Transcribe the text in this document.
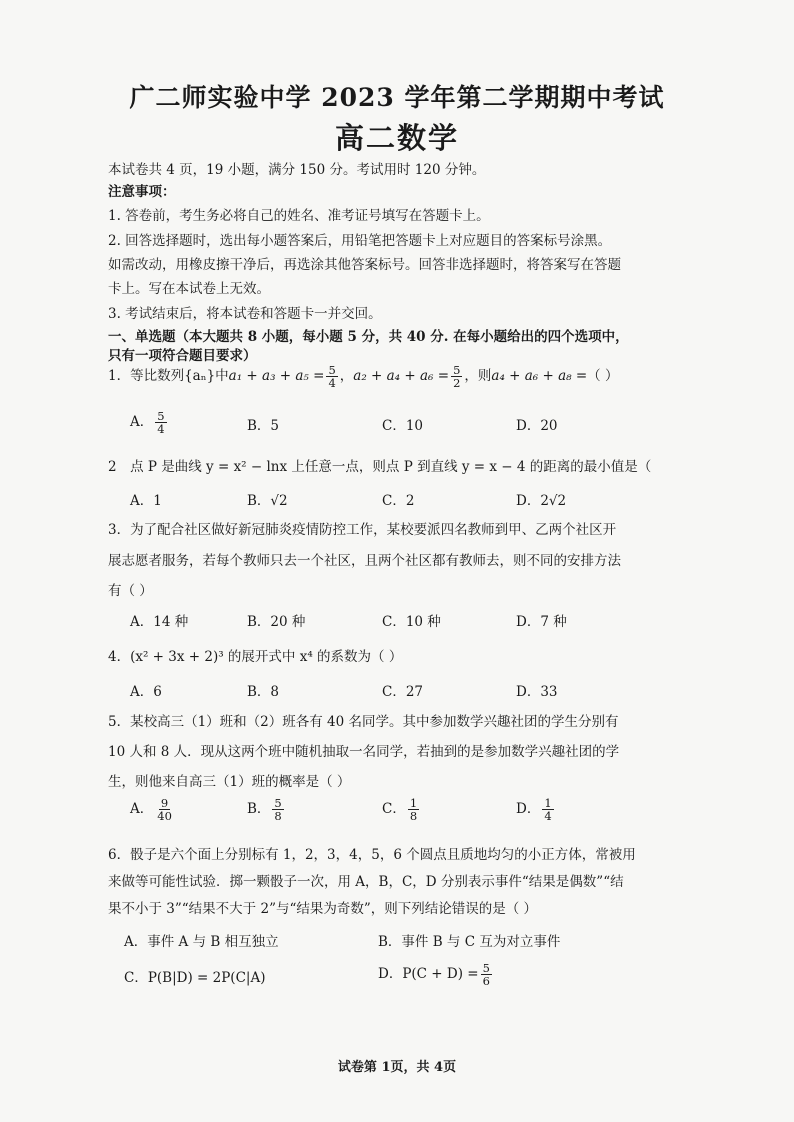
广二师实验中学 2023 学年第二学期期中考试
高二数学
本试卷共 4 页，19 小题，满分 150 分。考试用时 120 分钟。
注意事项：
1. 答卷前，考生务必将自己的姓名、准考证号填写在答题卡上。
2. 回答选择题时，选出每小题答案后，用铅笔把答题卡上对应题目的答案标号涂黑。
如需改动，用橡皮擦干净后，再选涂其他答案标号。回答非选择题时，将答案写在答题
卡上。写在本试卷上无效。
3. 考试结束后，将本试卷和答题卡一并交回。
一、单选题（本大题共 8 小题，每小题 5 分，共 40 分. 在每小题给出的四个选项中，
只有一项符合题目要求）
1．等比数列{aₙ}中$a_1 + a_3 + a_5 = \frac{5}{4}$ ，$a_2 + a_4 + a_6 = \frac{5}{2}$ ，则a₄ + a₆ + a₈ =（ ）
A． $\frac{5}{4}$	B．5	C．10	D．20
2　点 P 是曲线 y = x² − lnx 上任意一点，则点 P 到直线 y = x − 4 的距离的最小值是（
A．1	B．√2	C．2	D．2√2
3．为了配合社区做好新冠肺炎疫情防控工作，某校要派四名教师到甲、乙两个社区开
展志愿者服务，若每个教师只去一个社区，且两个社区都有教师去，则不同的安排方法
有（ ）
A．14 种	B．20 种	C．10 种	D．7 种
4．(x² + 3x + 2)³ 的展开式中 x⁴ 的系数为（ ）
A．6	B．8	C．27	D．33
5．某校高三（1）班和（2）班各有 40 名同学。其中参加数学兴趣社团的学生分别有
10 人和 8 人．现从这两个班中随机抽取一名同学，若抽到的是参加数学兴趣社团的学
生，则他来自高三（1）班的概率是（ ）
A． $\frac{9}{40}$	B． $\frac{5}{8}$	C． $\frac{1}{8}$	D． $\frac{1}{4}$
6．骰子是六个面上分别标有 1，2，3，4，5，6 个圆点且质地均匀的小正方体，常被用
来做等可能性试验．掷一颗骰子一次，用 A，B，C，D 分别表示事件“结果是偶数”“结
果不小于 3”“结果不大于 2”与“结果为奇数”，则下列结论错误的是（ ）
A．事件 A 与 B 相互独立	B．事件 B 与 C 互为对立事件
C．P(B|D) = 2P(C|A)	D．$P(C + D) = \frac{5}{6}$
试卷第 1页，共 4页
